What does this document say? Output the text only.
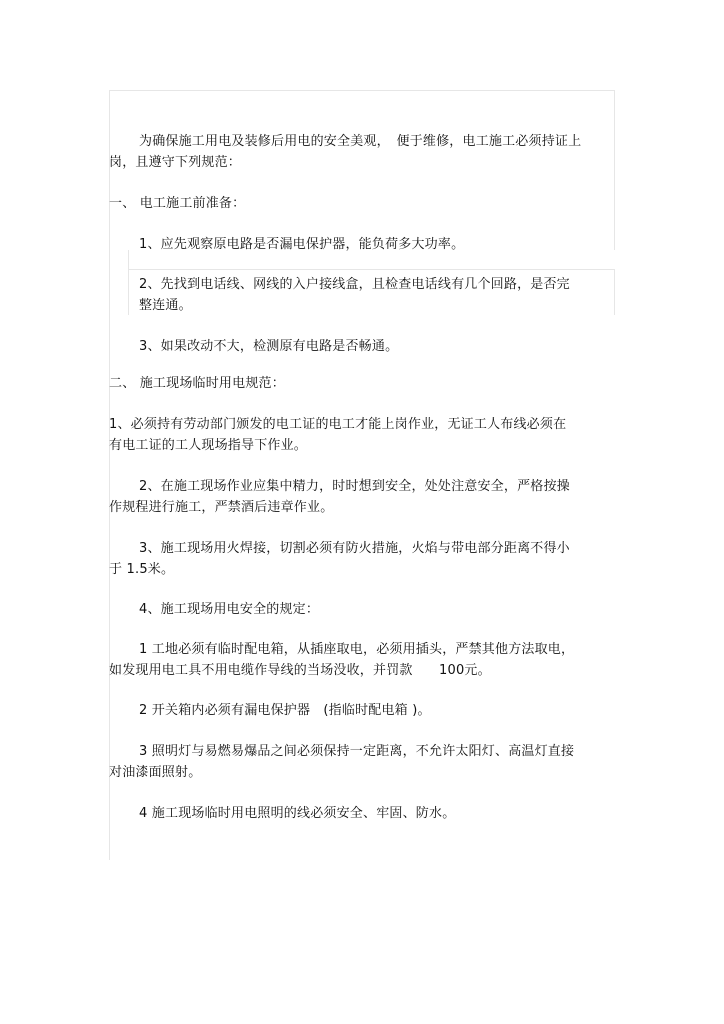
为确保施工用电及装修后用电的安全美观，　便于维修，电工施工必须持证上
岗，且遵守下列规范：
一、 电工施工前准备：
1、应先观察原电路是否漏电保护器，能负荷多大功率。
2、先找到电话线、网线的入户接线盒，且检查电话线有几个回路，是否完
整连通。
3、如果改动不大，检测原有电路是否畅通。
二、 施工现场临时用电规范：
1、必须持有劳动部门颁发的电工证的电工才能上岗作业，无证工人布线必须在
有电工证的工人现场指导下作业。
2、在施工现场作业应集中精力，时时想到安全，处处注意安全，严格按操
作规程进行施工，严禁酒后违章作业。
3、施工现场用火焊接，切割必须有防火措施，火焰与带电部分距离不得小
于 1.5米。
4、施工现场用电安全的规定：
1 工地必须有临时配电箱，从插座取电，必须用插头，严禁其他方法取电，
如发现用电工具不用电缆作导线的当场没收，并罚款　　100元。
2 开关箱内必须有漏电保护器　(指临时配电箱 )。
3 照明灯与易燃易爆品之间必须保持一定距离，不允许太阳灯、高温灯直接
对油漆面照射。
4 施工现场临时用电照明的线必须安全、牢固、防水。
